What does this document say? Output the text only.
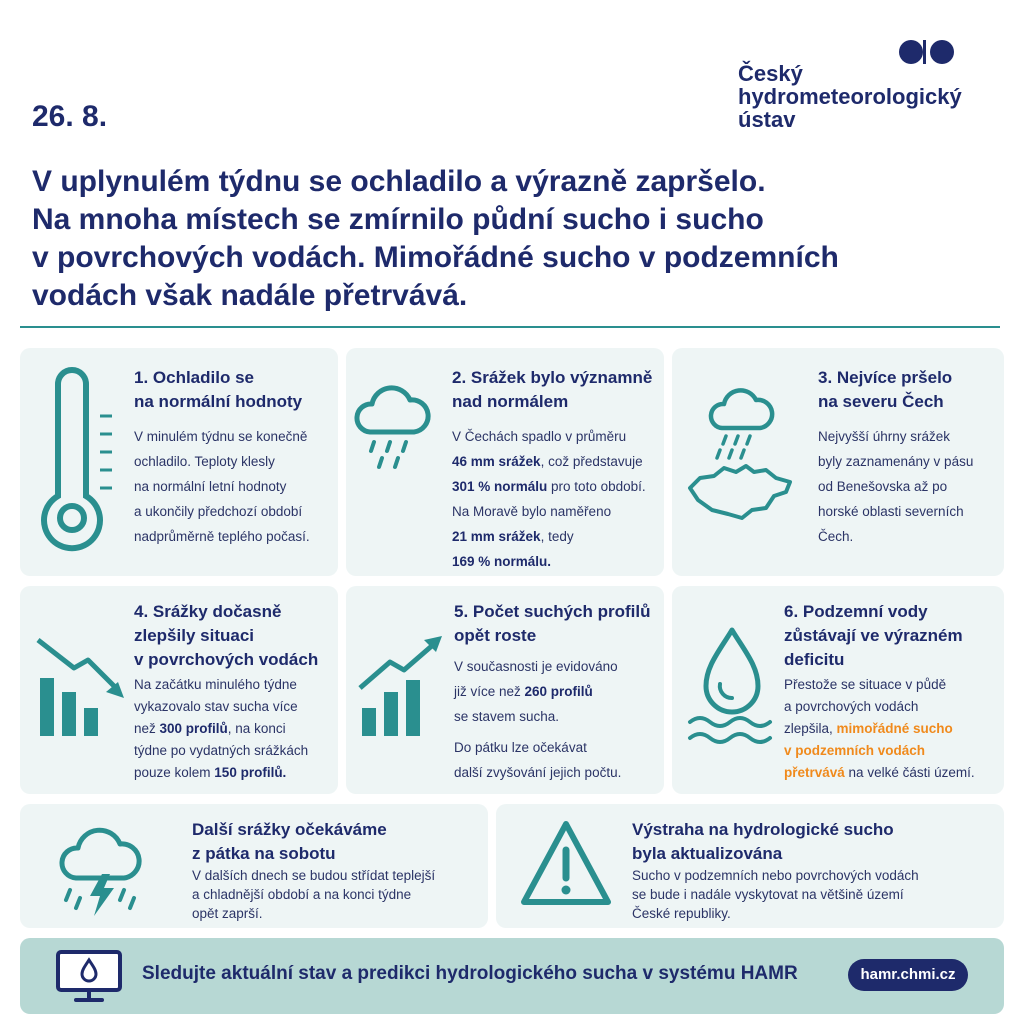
26. 8.
Český
hydrometeorologický
ústav
V uplynulém týdnu se ochladilo a výrazně zapršelo.
Na mnoha místech se zmírnilo půdní sucho i sucho
v povrchových vodách. Mimořádné sucho v podzemních
vodách však nadále přetrvává.
1. Ochladilo se
na normální hodnoty
V minulém týdnu se konečně
ochladilo. Teploty klesly
na normální letní hodnoty
a ukončily předchozí období
nadprůměrně teplého počasí.
2. Srážek bylo významně
nad normálem
V Čechách spadlo v průměru
46 mm srážek, což představuje
301 % normálu pro toto období.
Na Moravě bylo naměřeno
21 mm srážek, tedy
169 % normálu.
3. Nejvíce pršelo
na severu Čech
Nejvyšší úhrny srážek
byly zaznamenány v pásu
od Benešovska až po
horské oblasti severních
Čech.
4. Srážky dočasně
zlepšily situaci
v povrchových vodách
Na začátku minulého týdne
vykazovalo stav sucha více
než 300 profilů, na konci
týdne po vydatných srážkách
pouze kolem 150 profilů.
5. Počet suchých profilů
opět roste
V současnosti je evidováno
již více než 260 profilů
se stavem sucha.
Do pátku lze očekávat
další zvyšování jejich počtu.
6. Podzemní vody
zůstávají ve výrazném
deficitu
Přestože se situace v půdě
a povrchových vodách
zlepšila, mimořádné sucho
v podzemních vodách
přetrvává na velké části území.
Další srážky očekáváme
z pátka na sobotu
V dalších dnech se budou střídat teplejší
a chladnější období a na konci týdne
opět zaprší.
Výstraha na hydrologické sucho
byla aktualizována
Sucho v podzemních nebo povrchových vodách
se bude i nadále vyskytovat na většině území
České republiky.
Sledujte aktuální stav a predikci hydrologického sucha v systému HAMR	hamr.chmi.cz
